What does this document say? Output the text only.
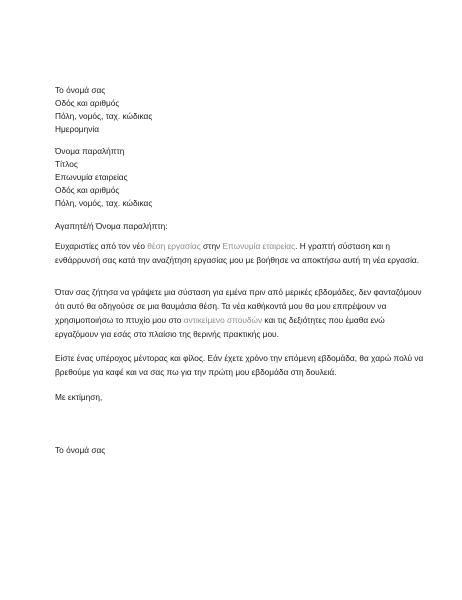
Το όνομά σας
Οδός και αριθμός
Πόλη, νομός, ταχ. κώδικας
Ημερομηνία
Όνομα παραλήπτη
Τίτλος
Επωνυμία εταιρείας
Οδός και αριθμός
Πόλη, νομός, ταχ. κώδικας
Αγαπητέ/ή Όνομα παραλήπτη:
Ευχαριστίες από τον νέο θέση εργασίας στην Επωνυμία εταιρείας. Η γραπτή σύσταση και η ενθάρρυνσή σας κατά την αναζήτηση εργασίας μου με βοήθησε να αποκτήσω αυτή τη νέα εργασία.
Όταν σας ζήτησα να γράψετε μια σύσταση για εμένα πριν από μερικές εβδομάδες, δεν φανταζόμουν ότι αυτό θα οδηγούσε σε μια θαυμάσια θέση. Τα νέα καθήκοντά μου θα μου επιτρέψουν να χρησιμοποιήσω το πτυχίο μου στο αντικείμενο σπουδών και τις δεξιότητες που έμαθα ενώ εργαζόμουν για εσάς στο πλαίσιο της θερινής πρακτικής μου.
Είστε ένας υπέροχος μέντορας και φίλος. Εάν έχετε χρόνο την επόμενη εβδομάδα, θα χαρώ πολύ να βρεθούμε για καφέ και να σας πω για την πρώτη μου εβδομάδα στη δουλειά.
Με εκτίμηση,
Το όνομά σας
